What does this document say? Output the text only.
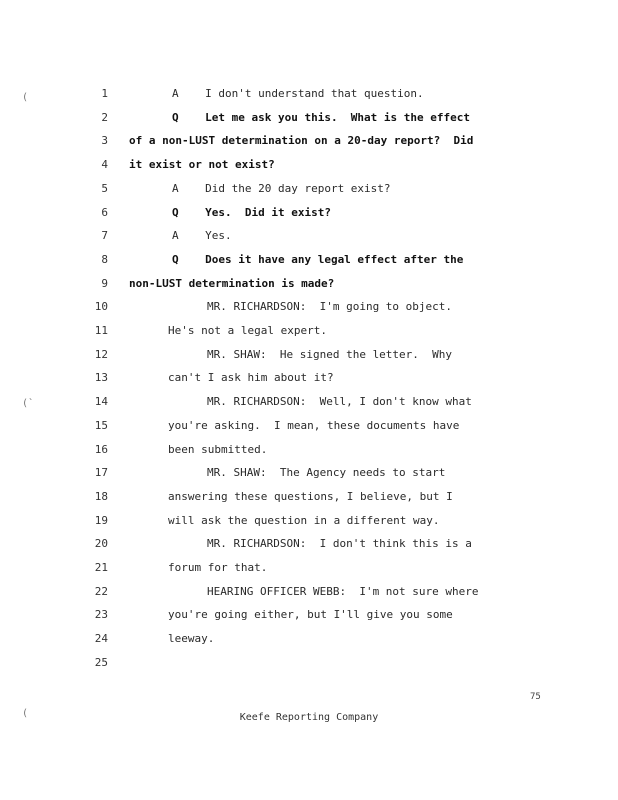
1	A    I don't understand that question.
2	Q    Let me ask you this.  What is the effect
3 of a non-LUST determination on a 20-day report?  Did
4 it exist or not exist?
5	A    Did the 20 day report exist?
6	Q    Yes.  Did it exist?
7	A    Yes.
8	Q    Does it have any legal effect after the
9 non-LUST determination is made?
10	MR. RICHARDSON:  I'm going to object.
11	He's not a legal expert.
12	MR. SHAW:  He signed the letter.  Why
13	can't I ask him about it?
14	MR. RICHARDSON:  Well, I don't know what
15	you're asking.  I mean, these documents have
16	been submitted.
17	MR. SHAW:  The Agency needs to start
18	answering these questions, I believe, but I
19	will ask the question in a different way.
20	MR. RICHARDSON:  I don't think this is a
21	forum for that.
22	HEARING OFFICER WEBB:  I'm not sure where
23	you're going either, but I'll give you some
24	leeway.
25
(
(`
(
75
Keefe Reporting Company
